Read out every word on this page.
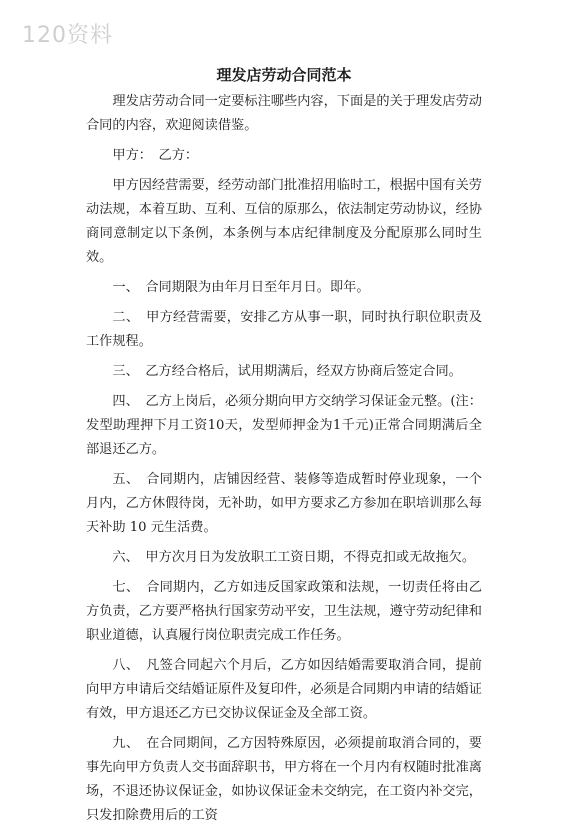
120资料
理发店劳动合同范本

理发店劳动合同一定要标注哪些内容，下面是的关于理发店劳动合同的内容，欢迎阅读借鉴。

甲方：　乙方：

甲方因经营需要，经劳动部门批准招用临时工，根据中国有关劳动法规，本着互助、互利、互信的原那么，依法制定劳动协议，经协商同意制定以下条例，本条例与本店纪律制度及分配原那么同时生效。

一、　合同期限为由年月日至年月日。即年。

二、　甲方经营需要，安排乙方从事一职，同时执行职位职责及工作规程。

三、　乙方经合格后，试用期满后，经双方协商后签定合同。

四、　乙方上岗后，必须分期向甲方交纳学习保证金元整。(注：发型助理押下月工资10天，发型师押金为1千元)正常合同期满后全部退还乙方。

五、　合同期内，店铺因经营、装修等造成暂时停业现象，一个月内，乙方休假待岗，无补助，如甲方要求乙方参加在职培训那么每天补助 10 元生活费。

六、　甲方次月日为发放职工工资日期，不得克扣或无故拖欠。

七、　合同期内，乙方如违反国家政策和法规，一切责任将由乙方负责，乙方要严格执行国家劳动平安，卫生法规，遵守劳动纪律和职业道德，认真履行岗位职责完成工作任务。

八、　凡签合同起六个月后，乙方如因结婚需要取消合同，提前向甲方申请后交结婚证原件及复印件，必须是合同期内申请的结婚证有效，甲方退还乙方已交协议保证金及全部工资。

九、　在合同期间，乙方因特殊原因，必须提前取消合同的，要事先向甲方负责人交书面辞职书，甲方将在一个月内有权随时批准离场，不退还协议保证金，如协议保证金未交纳完，在工资内补交完，只发扣除费用后的工资
